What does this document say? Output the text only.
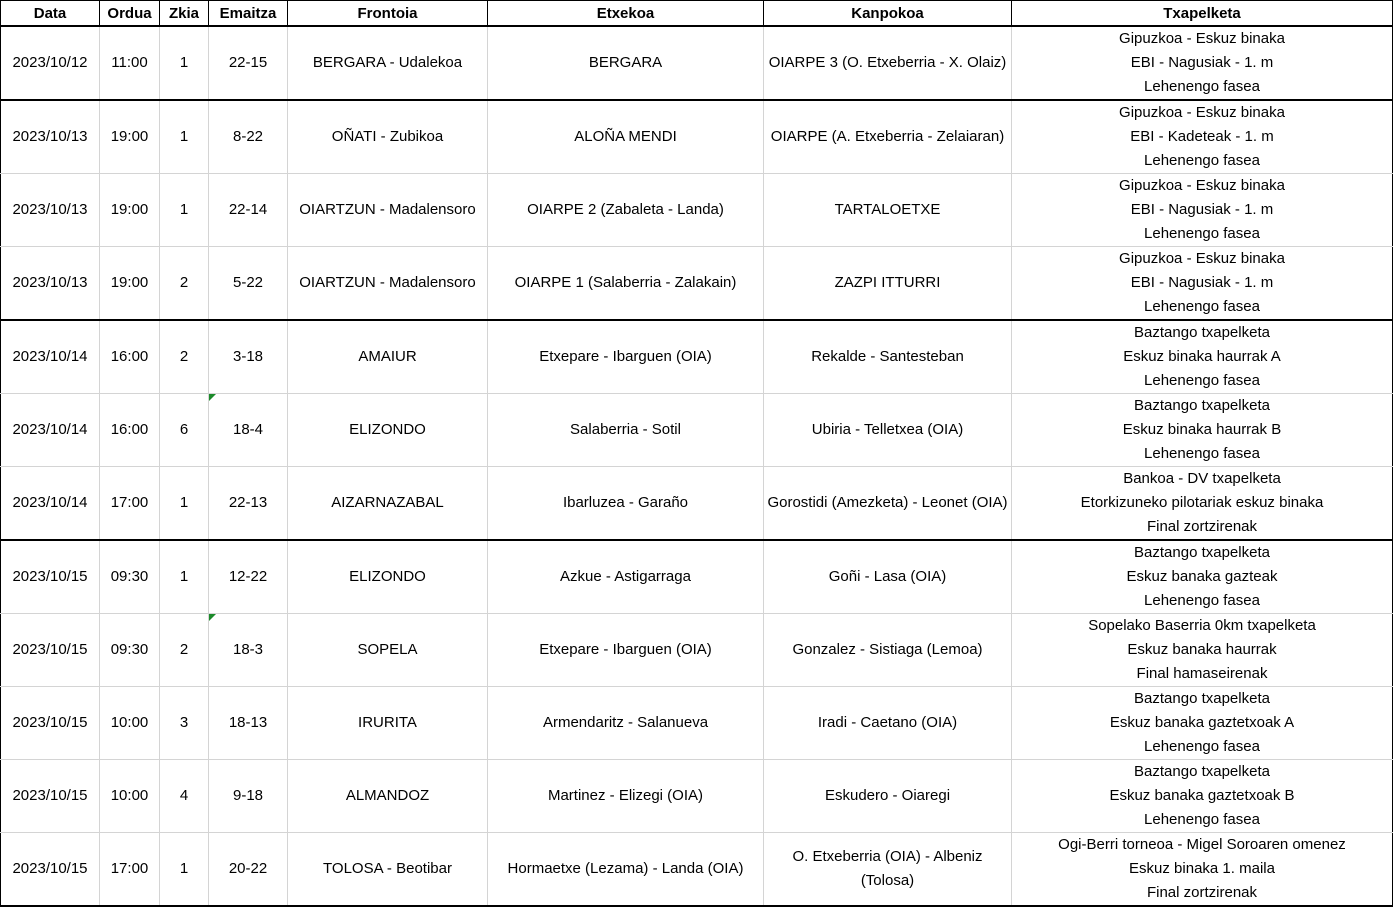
Data	Ordua	Zkia	Emaitza	Frontoia	Etxekoa	Kanpokoa	Txapelketa
2023/10/12	11:00	1	22-15	BERGARA - Udalekoa	BERGARA	OIARPE 3 (O. Etxeberria - X. Olaiz)	Gipuzkoa - Eskuz binaka
EBI - Nagusiak - 1. m
Lehenengo fasea

2023/10/13	19:00	1	8-22	OÑATI - Zubikoa	ALOÑA MENDI	OIARPE (A. Etxeberria - Zelaiaran)	Gipuzkoa - Eskuz binaka
EBI - Kadeteak - 1. m
Lehenengo fasea

2023/10/13	19:00	1	22-14	OIARTZUN - Madalensoro	OIARPE 2 (Zabaleta - Landa)	TARTALOETXE	Gipuzkoa - Eskuz binaka
EBI - Nagusiak - 1. m
Lehenengo fasea

2023/10/13	19:00	2	5-22	OIARTZUN - Madalensoro	OIARPE 1 (Salaberria - Zalakain)	ZAZPI ITTURRI	Gipuzkoa - Eskuz binaka
EBI - Nagusiak - 1. m
Lehenengo fasea

2023/10/14	16:00	2	3-18	AMAIUR	Etxepare - Ibarguen (OIA)	Rekalde - Santesteban	Baztango txapelketa
Eskuz binaka haurrak A
Lehenengo fasea

2023/10/14	16:00	6	18-4	ELIZONDO	Salaberria - Sotil	Ubiria - Telletxea (OIA)	Baztango txapelketa
Eskuz binaka haurrak B
Lehenengo fasea

2023/10/14	17:00	1	22-13	AIZARNAZABAL	Ibarluzea - Garaño	Gorostidi (Amezketa) - Leonet (OIA)	Bankoa - DV txapelketa
Etorkizuneko pilotariak eskuz binaka
Final zortzirenak

2023/10/15	09:30	1	12-22	ELIZONDO	Azkue - Astigarraga	Goñi - Lasa (OIA)	Baztango txapelketa
Eskuz banaka gazteak
Lehenengo fasea

2023/10/15	09:30	2	18-3	SOPELA	Etxepare - Ibarguen (OIA)	Gonzalez - Sistiaga (Lemoa)	Sopelako Baserria 0km txapelketa
Eskuz banaka haurrak
Final hamaseirenak

2023/10/15	10:00	3	18-13	IRURITA	Armendaritz - Salanueva	Iradi - Caetano (OIA)	Baztango txapelketa
Eskuz banaka gaztetxoak A
Lehenengo fasea

2023/10/15	10:00	4	9-18	ALMANDOZ	Martinez - Elizegi (OIA)	Eskudero - Oiaregi	Baztango txapelketa
Eskuz banaka gaztetxoak B
Lehenengo fasea

2023/10/15	17:00	1	20-22	TOLOSA - Beotibar	Hormaetxe (Lezama) - Landa (OIA)	O. Etxeberria (OIA) - Albeniz (Tolosa)	Ogi-Berri torneoa - Migel Soroaren omenez
Eskuz binaka 1. maila
Final zortzirenak
